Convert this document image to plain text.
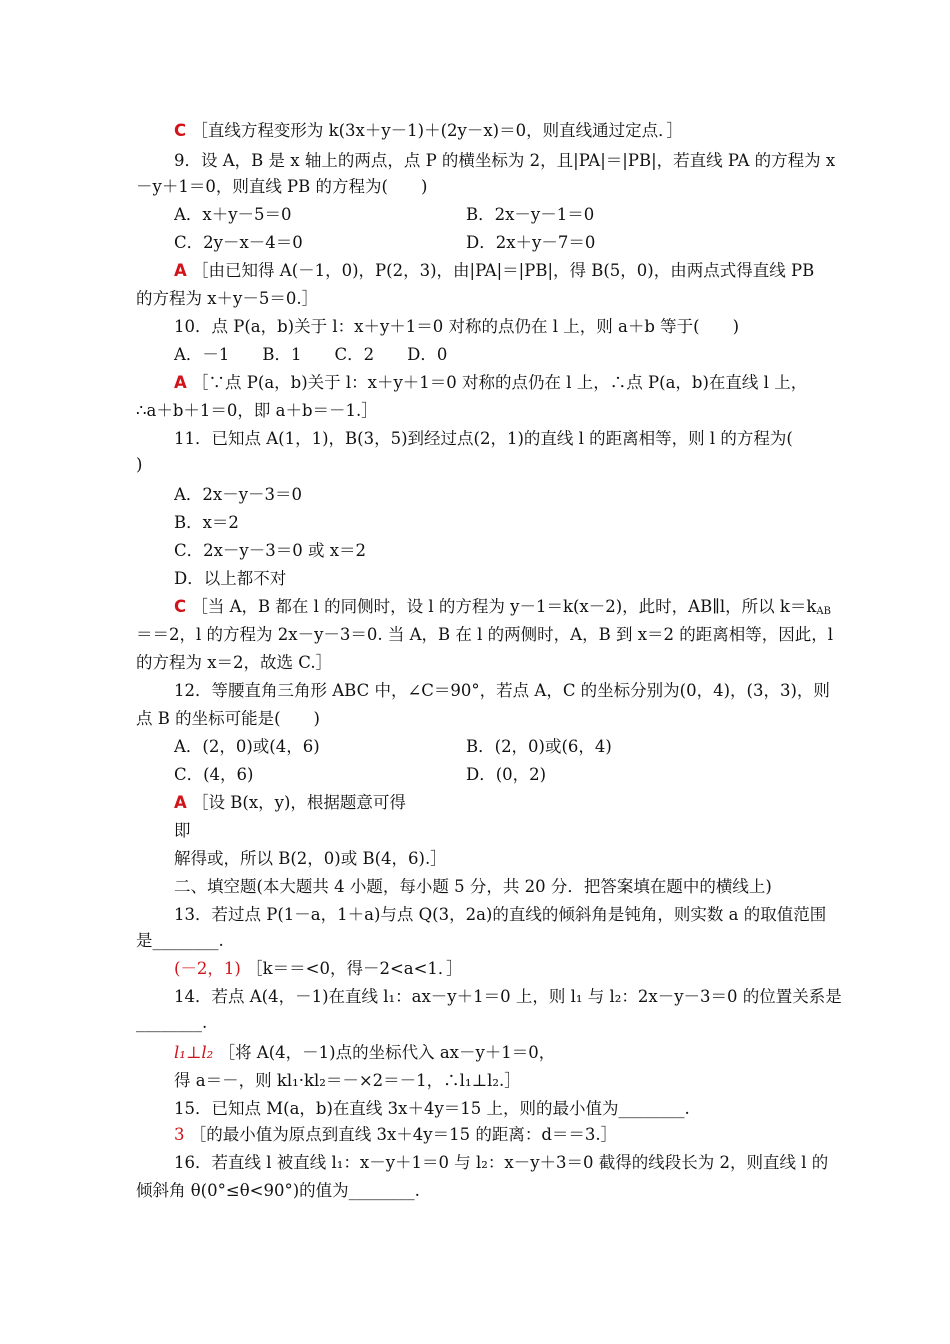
C ［直线方程变形为 k(3x＋y－1)＋(2y－x)＝0，则直线通过定点．］
9．设 A，B 是 x 轴上的两点，点 P 的横坐标为 2，且|PA|＝|PB|，若直线 PA 的方程为 x
－y＋1＝0，则直线 PB 的方程为(　　)
A．x＋y－5＝0	B．2x－y－1＝0
C．2y－x－4＝0	D．2x＋y－7＝0
A ［由已知得 A(－1，0)，P(2，3)，由|PA|＝|PB|，得 B(5，0)，由两点式得直线 PB
的方程为 x＋y－5＝0.］
10．点 P(a，b)关于 l：x＋y＋1＝0 对称的点仍在 l 上，则 a＋b 等于(　　)
A．－1　　B．1　　C．2　　D．0
A ［∵点 P(a，b)关于 l：x＋y＋1＝0 对称的点仍在 l 上，∴点 P(a，b)在直线 l 上，
∴a＋b＋1＝0，即 a＋b＝－1.］
11．已知点 A(1，1)，B(3，5)到经过点(2，1)的直线 l 的距离相等，则 l 的方程为(
)
A．2x－y－3＝0
B．x＝2
C．2x－y－3＝0 或 x＝2
D．以上都不对
C ［当 A，B 都在 l 的同侧时，设 l 的方程为 y－1＝k(x－2)，此时，AB∥l，所以 $k=k_{AB}$
＝＝2，l 的方程为 2x－y－3＝0. 当 A，B 在 l 的两侧时，A，B 到 x＝2 的距离相等，因此，l
的方程为 x＝2，故选 C.］
12．等腰直角三角形 ABC 中，∠C＝90°，若点 A，C 的坐标分别为(0，4)，(3，3)，则
点 B 的坐标可能是(　　)
A．(2，0)或(4，6)	B．(2，0)或(6，4)
C．(4，6)	D．(0，2)
A ［设 B(x，y)，根据题意可得
即
解得或，所以 B(2，0)或 B(4，6).］
二、填空题(本大题共 4 小题，每小题 5 分，共 20 分．把答案填在题中的横线上)
13．若过点 P(1－a，1＋a)与点 Q(3，2a)的直线的倾斜角是钝角，则实数 a 的取值范围
是________.
(－2，1) ［k＝＝<0，得－2<a<1．］
14．若点 A(4，－1)在直线 l₁：ax－y＋1＝0 上，则 l₁ 与 l₂：2x－y－3＝0 的位置关系是
________.
l₁⊥l₂ ［将 A(4，－1)点的坐标代入 ax－y＋1＝0，
得 a＝－，则 kl₁·kl₂＝－×2＝－1，∴l₁⊥l₂.］
15．已知点 M(a，b)在直线 3x＋4y＝15 上，则的最小值为________.
3 ［的最小值为原点到直线 3x＋4y＝15 的距离：d＝＝3.］
16．若直线 l 被直线 l₁：x－y＋1＝0 与 l₂：x－y＋3＝0 截得的线段长为 2，则直线 l 的
倾斜角 θ(0°≤θ<90°)的值为________.
